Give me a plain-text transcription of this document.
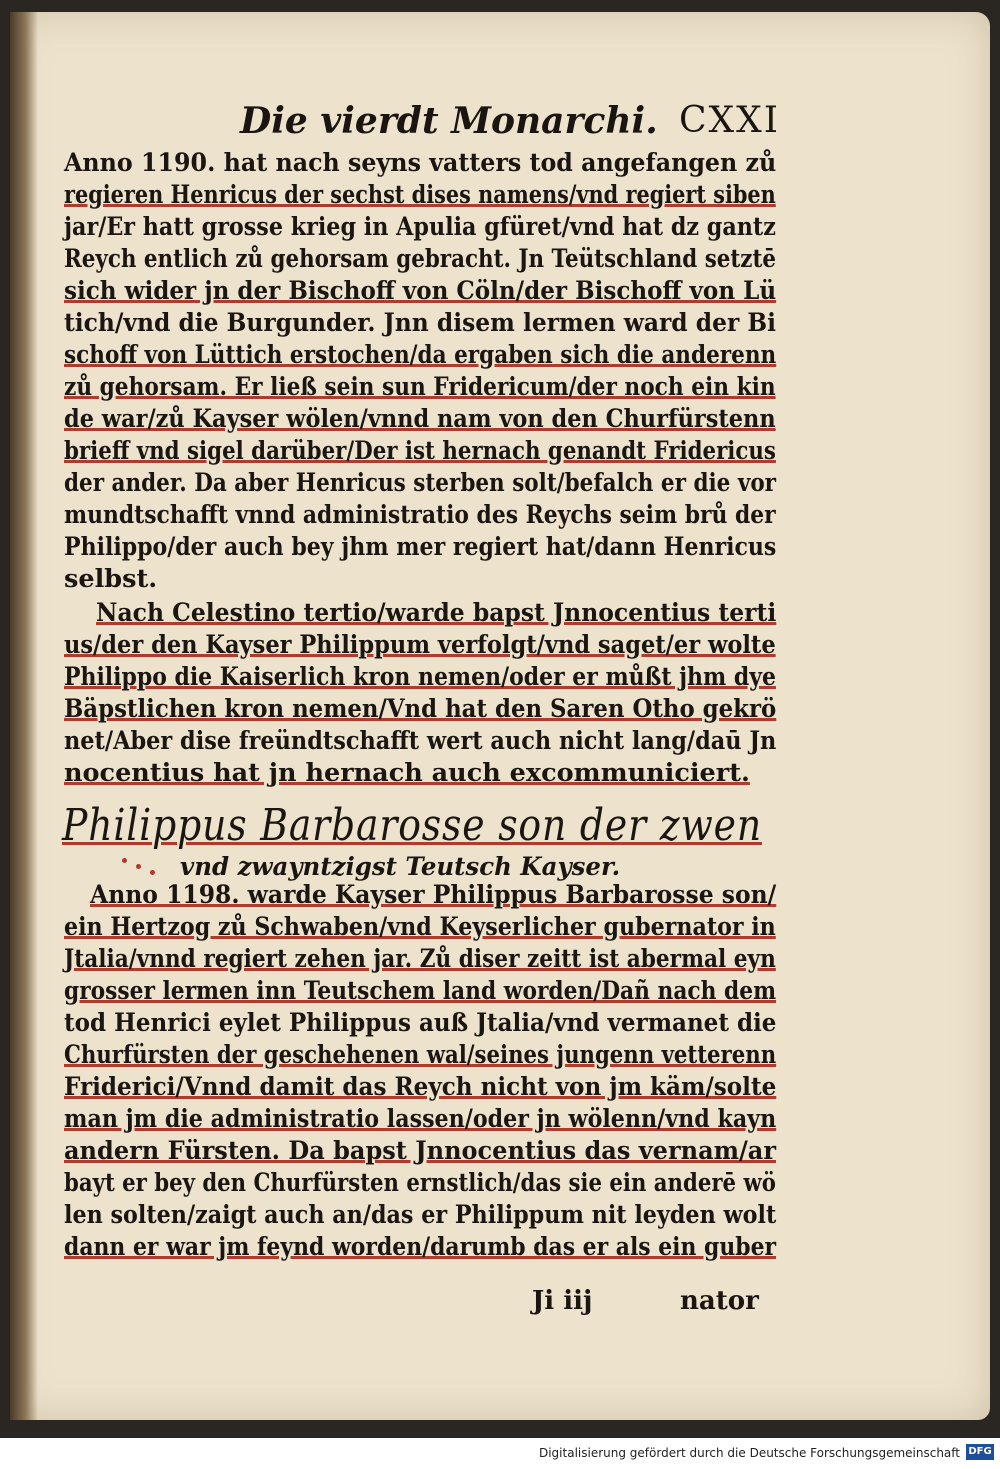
Die vierdt Monarchi. CXXI
Anno 1190. hat nach seyns vatters tod angefangen zů
regieren Henricus der sechst dises namens/vnd regiert siben
jar/Er hatt grosse krieg in Apulia gfüret/vnd hat dz gantz
Reych entlich zů gehorsam gebracht. Jn Teütschland setztē
sich wider jn der Bischoff von Cöln/der Bischoff von Lü
tich/vnd die Burgunder. Jnn disem lermen ward der Bi
schoff von Lüttich erstochen/da ergaben sich die anderenn
zů gehorsam. Er ließ sein sun Fridericum/der noch ein kin
de war/zů Kayser wölen/vnnd nam von den Churfürstenn
brieff vnd sigel darüber/Der ist hernach genandt Fridericus
der ander. Da aber Henricus sterben solt/befalch er die vor
mundtschafft vnnd administratio des Reychs seim brů der
Philippo/der auch bey jhm mer regiert hat/dann Henricus
selbst.
Nach Celestino tertio/warde bapst Jnnocentius terti
us/der den Kayser Philippum verfolgt/vnd saget/er wolte
Philippo die Kaiserlich kron nemen/oder er můßt jhm dye
Bäpstlichen kron nemen/Vnd hat den Saren Otho gekrö
net/Aber dise freündtschafft wert auch nicht lang/daū Jn
nocentius hat jn hernach auch excommuniciert.
Philippus Barbarosse son der zwen
vnd zwayntzigst Teutsch Kayser.
Anno 1198. warde Kayser Philippus Barbarosse son/
ein Hertzog zů Schwaben/vnd Keyserlicher gubernator in
Jtalia/vnnd regiert zehen jar. Zů diser zeitt ist abermal eyn
grosser lermen inn Teutschem land worden/Dañ nach dem
tod Henrici eylet Philippus auß Jtalia/vnd vermanet die
Churfürsten der geschehenen wal/seines jungenn vetterenn
Friderici/Vnnd damit das Reych nicht von jm käm/solte
man jm die administratio lassen/oder jn wölenn/vnd kayn
andern Fürsten. Da bapst Jnnocentius das vernam/ar
bayt er bey den Churfürsten ernstlich/das sie ein anderē wö
len solten/zaigt auch an/das er Philippum nit leyden wolt
dann er war jm feynd worden/darumb das er als ein guber
Ji iij	nator
Digitalisierung gefördert durch die Deutsche Forschungsgemeinschaft DFG
